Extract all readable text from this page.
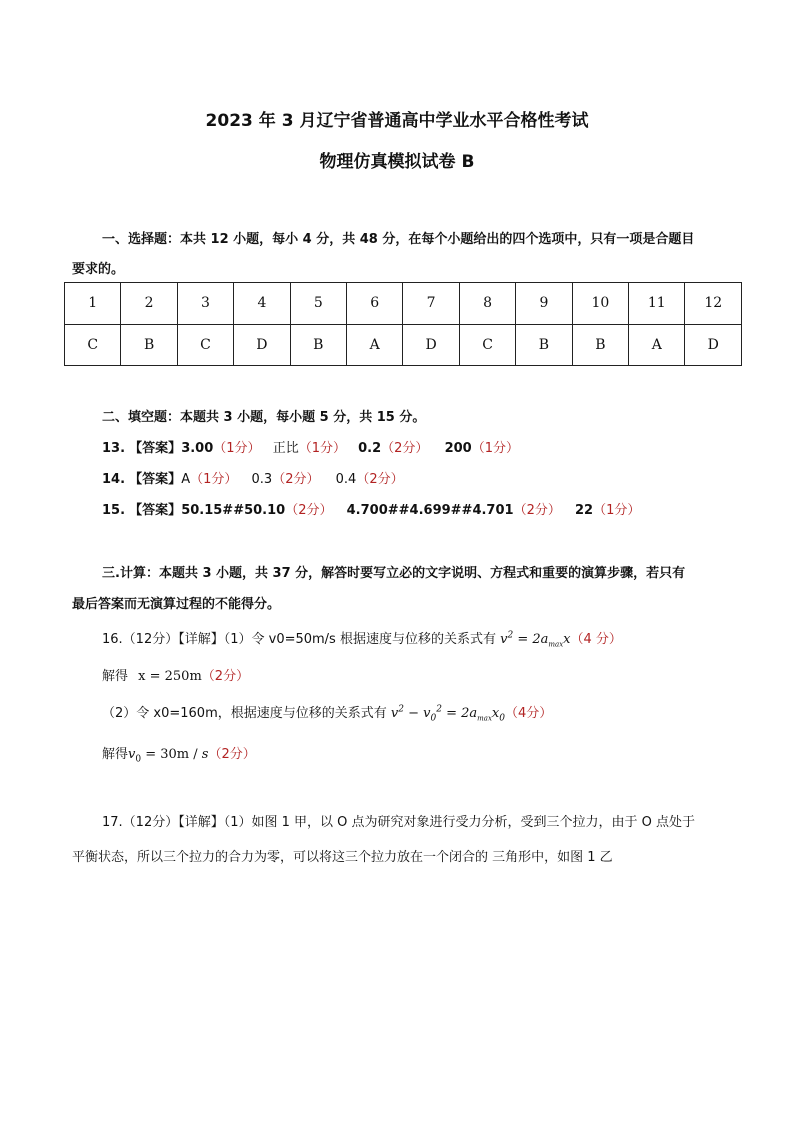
2023 年 3 月辽宁省普通高中学业水平合格性考试
物理仿真模拟试卷 B
一、选择题：本共 12 小题，每小 4 分，共 48 分，在每个小题给出的四个选项中，只有一项是合题目
要求的。
1	2	3	4	5	6	7	8	9	10	11	12
C	B	C	D	B	A	D	C	B	B	A	D
二、填空题：本题共 3 小题，每小题 5 分，共 15 分。
13. 【答案】3.00（1分） 正比（1分） 0.2（2分） 200（1分）
14. 【答案】A（1分） 0.3（2分） 0.4（2分）
15. 【答案】50.15##50.10（2分） 4.700##4.699##4.701（2分） 22（1分）
三.计算：本题共 3 小题，共 37 分，解答时要写立必的文字说明、方程式和重要的演算步骤，若只有
最后答案而无演算过程的不能得分。
16.（12分）【详解】（1）令 v0=50m/s 根据速度与位移的关系式有 $v^2 = 2a_{max}x(4$ 分）
解得 x = 250m（2分）
（2）令 x0=160m，根据速度与位移的关系式有 $v^2 - v_0^2 = 2a_{max}x_0(4$分）
解得$v_0 = 30m / s(2$分）
17.（12分）【详解】（1）如图 1 甲，以 O 点为研究对象进行受力分析，受到三个拉力，由于 O 点处于
平衡状态，所以三个拉力的合力为零，可以将这三个拉力放在一个闭合的 三角形中，如图 1 乙
